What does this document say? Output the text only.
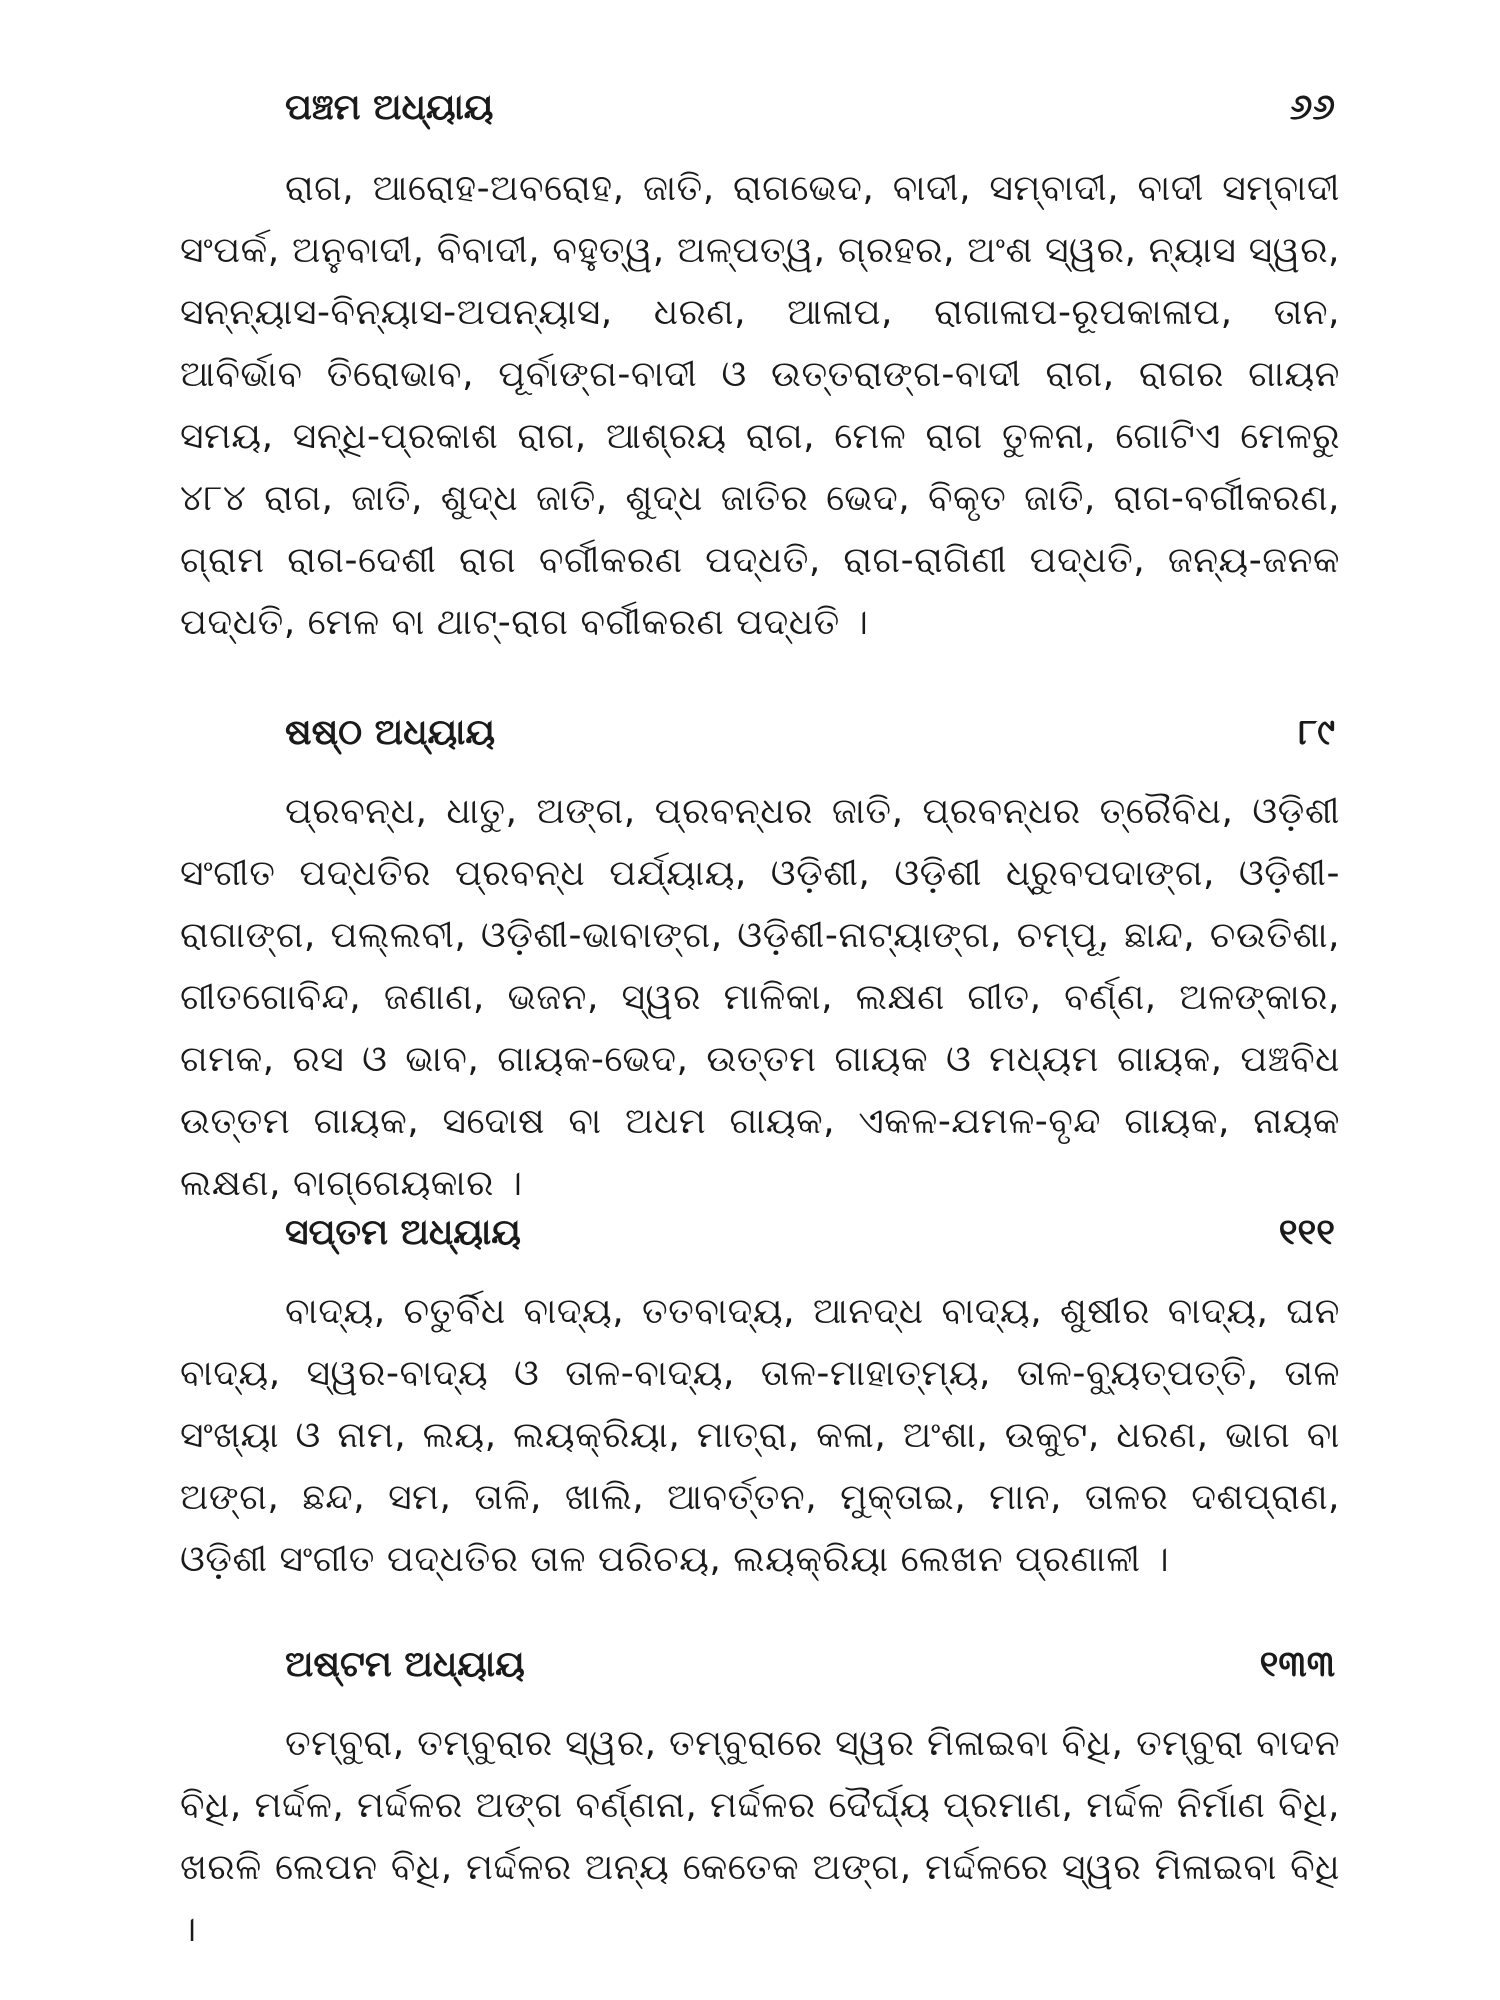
ପଞ୍ଚମ ଅଧ୍ୟାୟ	୬୬

ରାଗ, ଆରୋହ-ଅବରୋହ, ଜାତି, ରାଗଭେଦ, ବାଦୀ, ସମ୍ବାଦୀ, ବାଦୀ ସମ୍ବାଦୀ ସଂପର୍କ, ଅନୁବାଦୀ, ବିବାଦୀ, ବହୁତ୍ୱ, ଅଳ୍ପତ୍ୱ, ଗ୍ରହର, ଅଂଶ ସ୍ୱର, ନ୍ୟାସ ସ୍ୱର, ସନ୍ନ୍ୟାସ-ବିନ୍ୟାସ-ଅପନ୍ୟାସ, ଧରଣ, ଆଳାପ, ରାଗାଳାପ-ରୂପକାଳାପ, ତାନ, ଆବିର୍ଭାବ ତିରୋଭାବ, ପୂର୍ବାଙ୍ଗ-ବାଦୀ ଓ ଉତ୍ତରାଙ୍ଗ-ବାଦୀ ରାଗ, ରାଗର ଗାୟନ ସମୟ, ସନ୍ଧି-ପ୍ରକାଶ ରାଗ, ଆଶ୍ରୟ ରାଗ, ମେଳ ରାଗ ତୁଳନା, ଗୋଟିଏ ମେଳରୁ ୪୮୪ ରାଗ, ଜାତି, ଶୁଦ୍ଧ ଜାତି, ଶୁଦ୍ଧ ଜାତିର ଭେଦ, ବିକୃତ ଜାତି, ରାଗ-ବର୍ଗୀକରଣ, ଗ୍ରାମ ରାଗ-ଦେଶୀ ରାଗ ବର୍ଗୀକରଣ ପଦ୍ଧତି, ରାଗ-ରାଗିଣୀ ପଦ୍ଧତି, ଜନ୍ୟ-ଜନକ ପଦ୍ଧତି, ମେଳ ବା ଥାଟ୍-ରାଗ ବର୍ଗୀକରଣ ପଦ୍ଧତି ।

ଷଷ୍ଠ ଅଧ୍ୟାୟ	୮୯

ପ୍ରବନ୍ଧ, ଧାତୁ, ଅଙ୍ଗ, ପ୍ରବନ୍ଧର ଜାତି, ପ୍ରବନ୍ଧର ତ୍ରୈବିଧ, ଓଡ଼ିଶୀ ସଂଗୀତ ପଦ୍ଧତିର ପ୍ରବନ୍ଧ ପର୍ଯ୍ୟାୟ, ଓଡ଼ିଶୀ, ଓଡ଼ିଶୀ ଧ୍ରୁବପଦାଙ୍ଗ, ଓଡ଼ିଶୀ-ରାଗାଙ୍ଗ, ପଲ୍ଲବୀ, ଓଡ଼ିଶୀ-ଭାବାଙ୍ଗ, ଓଡ଼ିଶୀ-ନାଟ୍ୟାଙ୍ଗ, ଚମ୍ପୂ, ଛାନ୍ଦ, ଚଉତିଶା, ଗୀତଗୋବିନ୍ଦ, ଜଣାଣ, ଭଜନ, ସ୍ୱର ମାଳିକା, ଲକ୍ଷଣ ଗୀତ, ବର୍ଣ୍ଣ, ଅଳଙ୍କାର, ଗମକ, ରସ ଓ ଭାବ, ଗାୟକ-ଭେଦ, ଉତ୍ତମ ଗାୟକ ଓ ମଧ୍ୟମ ଗାୟକ, ପଞ୍ଚବିଧ ଉତ୍ତମ ଗାୟକ, ସଦୋଷ ବା ଅଧମ ଗାୟକ, ଏକଳ-ଯମଳ-ବୃନ୍ଦ ଗାୟକ, ନାୟକ ଲକ୍ଷଣ, ବାଗ୍ଗେୟକାର ।

ସପ୍ତମ ଅଧ୍ୟାୟ	୧୧୧

ବାଦ୍ୟ, ଚତୁର୍ବିଧ ବାଦ୍ୟ, ତତବାଦ୍ୟ, ଆନଦ୍ଧ ବାଦ୍ୟ, ଶୁଷୀର ବାଦ୍ୟ, ଘନ ବାଦ୍ୟ, ସ୍ୱର-ବାଦ୍ୟ ଓ ତାଳ-ବାଦ୍ୟ, ତାଳ-ମାହାତ୍ମ୍ୟ, ତାଳ-ବ୍ୟୁତ୍ପତ୍ତି, ତାଳ ସଂଖ୍ୟା ଓ ନାମ, ଲୟ, ଲୟକ୍ରିୟା, ମାତ୍ରା, କଳା, ଅଂଶା, ଉକୁଟ, ଧରଣ, ଭାଗ ବା ଅଙ୍ଗ, ଛନ୍ଦ, ସମ, ତାଳି, ଖାଲି, ଆବର୍ତ୍ତନ, ମୁକ୍ତାଇ, ମାନ, ତାଳର ଦଶପ୍ରାଣ, ଓଡ଼ିଶୀ ସଂଗୀତ ପଦ୍ଧତିର ତାଳ ପରିଚୟ, ଲୟକ୍ରିୟା ଲେଖନ ପ୍ରଣାଳୀ ।

ଅଷ୍ଟମ ଅଧ୍ୟାୟ	୧୩୩

ତମ୍ବୁରା, ତମ୍ବୁରାର ସ୍ୱର, ତମ୍ବୁରାରେ ସ୍ୱର ମିଳାଇବା ବିଧି, ତମ୍ବୁରା ବାଦନ ବିଧି, ମର୍ଦ୍ଦଳ, ମର୍ଦ୍ଦଳର ଅଙ୍ଗ ବର୍ଣ୍ଣନା, ମର୍ଦ୍ଦଳର ଦୈର୍ଘ୍ୟ ପ୍ରମାଣ, ମର୍ଦ୍ଦଳ ନିର୍ମାଣ ବିଧି, ଖରଳି ଲେପନ ବିଧି, ମର୍ଦ୍ଦଳର ଅନ୍ୟ କେତେକ ଅଙ୍ଗ, ମର୍ଦ୍ଦଳରେ ସ୍ୱର ମିଳାଇବା ବିଧି ।
